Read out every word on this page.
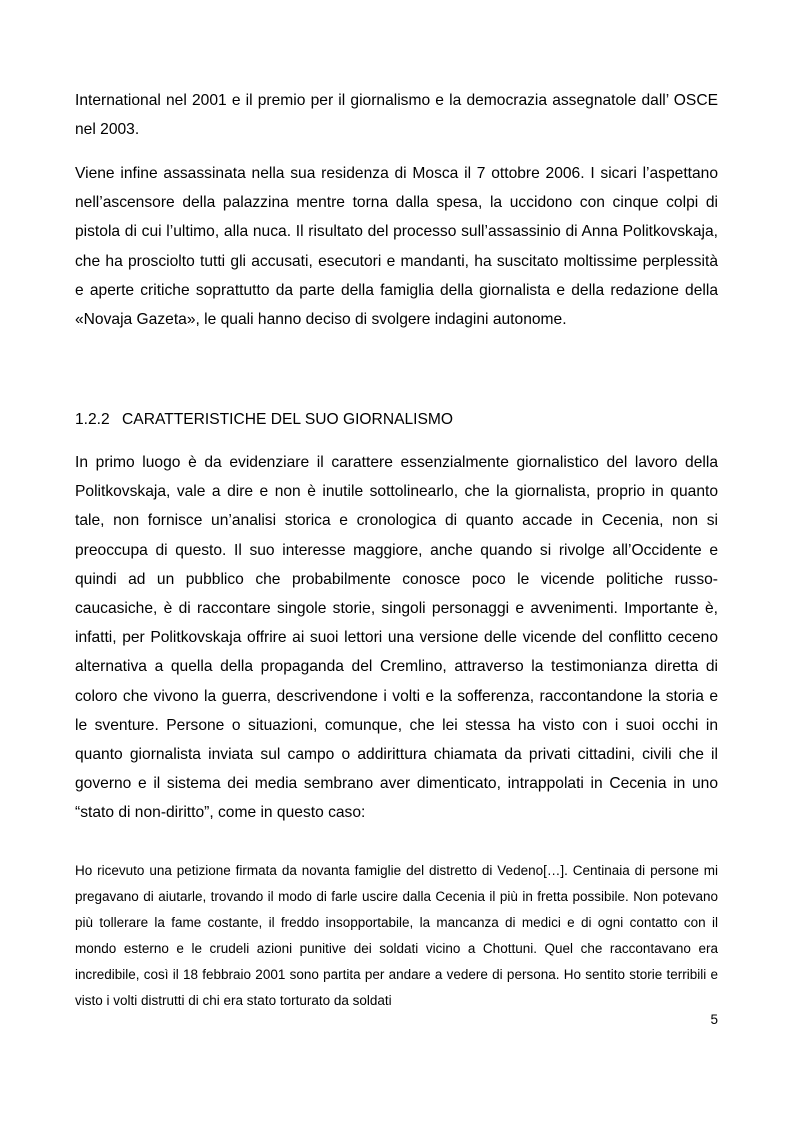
International nel 2001 e il premio per il giornalismo e la democrazia assegnatole dall’ OSCE nel 2003.

Viene infine assassinata nella sua residenza di Mosca il 7 ottobre 2006. I sicari l’aspettano nell’ascensore della palazzina mentre torna dalla spesa, la uccidono con cinque colpi di pistola di cui l’ultimo, alla nuca. Il risultato del processo sull’assassinio di Anna Politkovskaja, che ha prosciolto tutti gli accusati, esecutori e mandanti, ha suscitato moltissime perplessità e aperte critiche soprattutto da parte della famiglia della giornalista e della redazione della «Novaja Gazeta», le quali hanno deciso di svolgere indagini autonome.

1.2.2 CARATTERISTICHE DEL SUO GIORNALISMO

In primo luogo è da evidenziare il carattere essenzialmente giornalistico del lavoro della Politkovskaja, vale a dire e non è inutile sottolinearlo, che la giornalista, proprio in quanto tale, non fornisce un’analisi storica e cronologica di quanto accade in Cecenia, non si preoccupa di questo. Il suo interesse maggiore, anche quando si rivolge all’Occidente e quindi ad un pubblico che probabilmente conosce poco le vicende politiche russo-caucasiche, è di raccontare singole storie, singoli personaggi e avvenimenti. Importante è, infatti, per Politkovskaja offrire ai suoi lettori una versione delle vicende del conflitto ceceno alternativa a quella della propaganda del Cremlino, attraverso la testimonianza diretta di coloro che vivono la guerra, descrivendone i volti e la sofferenza, raccontandone la storia e le sventure. Persone o situazioni, comunque, che lei stessa ha visto con i suoi occhi in quanto giornalista inviata sul campo o addirittura chiamata da privati cittadini, civili che il governo e il sistema dei media sembrano aver dimenticato, intrappolati in Cecenia in uno “stato di non-diritto”, come in questo caso:

Ho ricevuto una petizione firmata da novanta famiglie del distretto di Vedeno[…]. Centinaia di persone mi pregavano di aiutarle, trovando il modo di farle uscire dalla Cecenia il più in fretta possibile. Non potevano più tollerare la fame costante, il freddo insopportabile, la mancanza di medici e di ogni contatto con il mondo esterno e le crudeli azioni punitive dei soldati vicino a Chottuni. Quel che raccontavano era incredibile, così il 18 febbraio 2001 sono partita per andare a vedere di persona. Ho sentito storie terribili e visto i volti distrutti di chi era stato torturato da soldati

5
